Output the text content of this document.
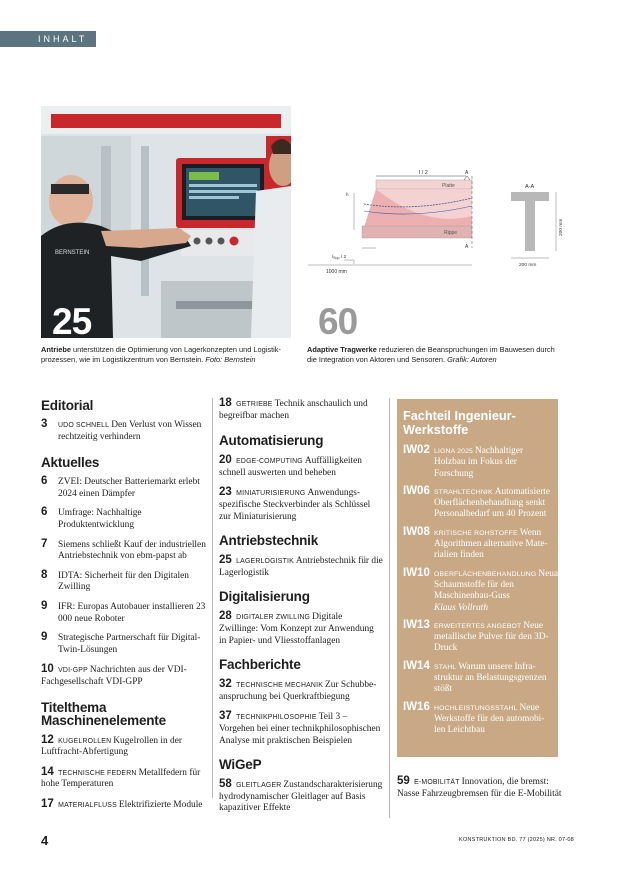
INHALT
BERNSTEIN
25
Antriebe unterstützen die Optimierung von Lagerkonzepten und Logistikprozessen, wie im Logistikzentrum von Bernstein. Foto: Bernstein
l / 2
Platte
Rippe
A
A
h
$l_{Sup} / 2$
1000 mm
A-A
200 mm
200 mm
60
Adaptive Tragwerke reduzieren die Beanspruchungen im Bauwesen durch die Integration von Aktoren und Sensoren. Grafik: Autoren
Editorial
3 UDO SCHNELL Den Verlust von Wissen rechtzeitig verhindern
Aktuelles
6 ZVEI: Deutscher Batteriemarkt erlebt 2024 einen Dämpfer
6 Umfrage: Nachhaltige Produktentwicklung
7 Siemens schließt Kauf der industriellen Antriebstechnik von ebm-papst ab
8 IDTA: Sicherheit für den Digitalen Zwilling
9 IFR: Europas Autobauer installieren 23 000 neue Roboter
9 Strategische Partnerschaft für Digital-Twin-Lösungen
10 VDI-GPP Nachrichten aus der VDI-Fachgesellschaft VDI-GPP
Titelthema Maschinenelemente
12 KUGELROLLEN Kugelrollen in der Luftfracht-Abfertigung
14 TECHNISCHE FEDERN Metallfedern für hohe Temperaturen
17 MATERIALFLUSS Elektrifizierte Module
18 GETRIEBE Technik anschaulich und begreifbar machen
Automatisierung
20 EDGE-COMPUTING Auffälligkeiten schnell auswerten und beheben
23 MINIATURISIERUNG Anwendungsspezifische Steckverbinder als Schlüssel zur Miniaturisierung
Antriebstechnik
25 LAGERLOGISTIK Antriebstechnik für die Lagerlogistik
Digitalisierung
28 DIGITALER ZWILLING Digitale Zwillinge: Vom Konzept zur Anwendung in Papier- und Vliesstoffanlagen
Fachberichte
32 TECHNISCHE MECHANIK Zur Schubbeanspruchung bei Querkraftbiegung
37 TECHNIKPHILOSOPHIE Teil 3 – Vorgehen bei einer technikphilosophischen Analyse mit praktischen Beispielen
WiGeP
58 GLEITLAGER Zustandscharakterisierung hydrodynamischer Gleitlager auf Basis kapazitiver Effekte
Fachteil Ingenieur-Werkstoffe
IW02 LIGNA 2025 Nachhaltiger Holzbau im Fokus der Forschung
IW06 STRAHLTECHNIK Automatisierte Oberflächenbehandlung senkt Personalbedarf um 40 Prozent
IW08 KRITISCHE ROHSTOFFE Wenn Algorithmen alternative Materialien finden
IW10 OBERFLÄCHENBEHANDLUNG Neuartige Schaumstoffe für den Maschinenbau-Guss
Klaus Vollrath
IW13 ERWEITERTES ANGEBOT Neue metallische Pulver für den 3D-Druck
IW14 STAHL Warum unsere Infrastruktur an Belastungsgrenzen stößt
IW16 HOCHLEISTUNGSSTAHL Neue Werkstoffe für den automobilen Leichtbau
59 E-MOBILITÄT Innovation, die bremst: Nasse Fahrzeugbremsen für die E-Mobilität
4	KONSTRUKTION BD. 77 (2025) NR. 07-08
